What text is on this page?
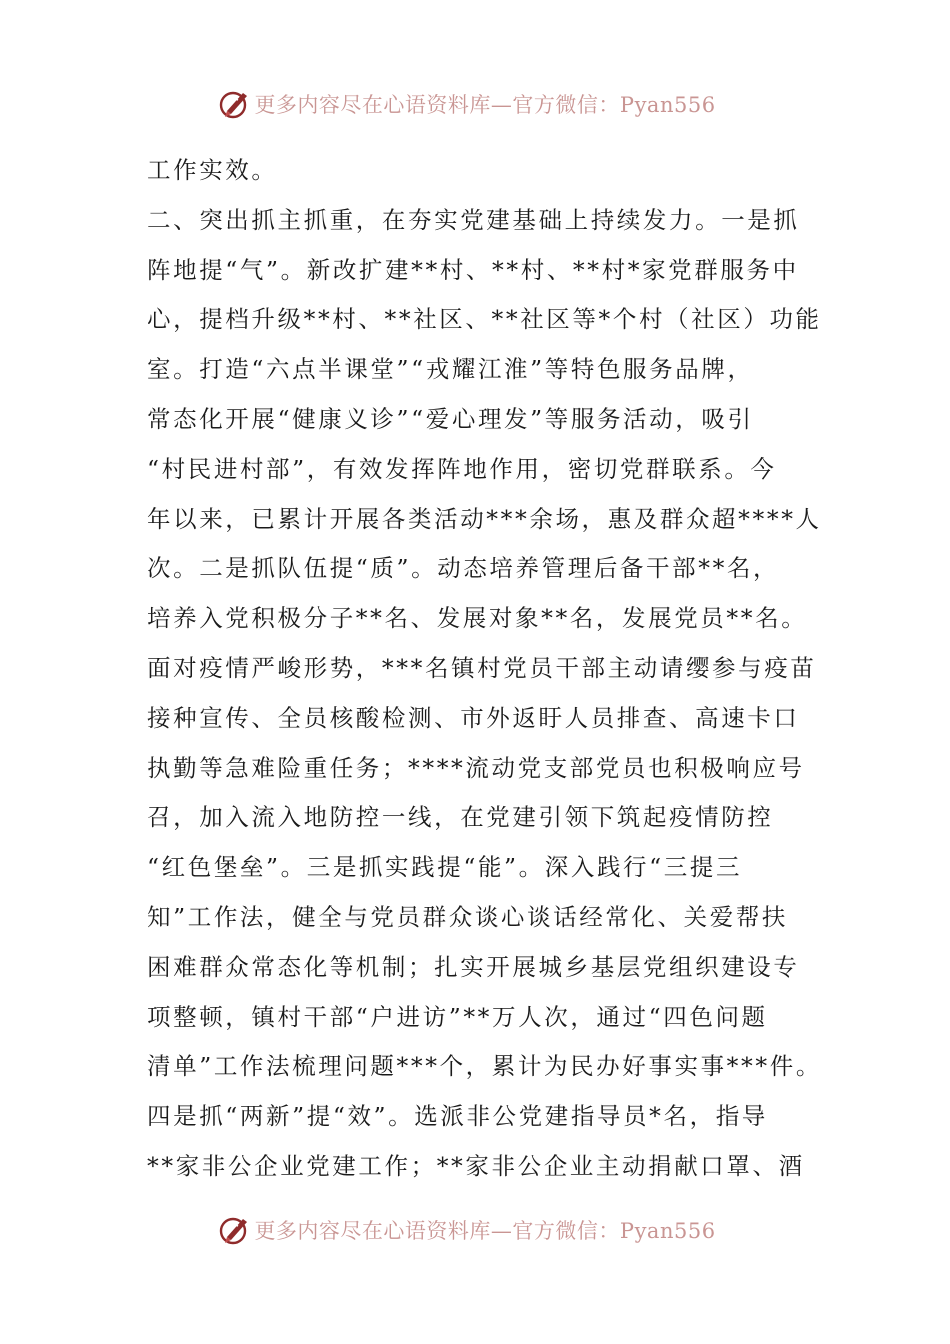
更多内容尽在心语资料库—官方微信：Pyan556
工作实效。
二、突出抓主抓重，在夯实党建基础上持续发力。一是抓
阵地提“气”。新改扩建**村、**村、**村*家党群服务中
心，提档升级**村、**社区、**社区等*个村（社区）功能
室。打造“六点半课堂”“戎耀江淮”等特色服务品牌，
常态化开展“健康义诊”“爱心理发”等服务活动，吸引
“村民进村部”，有效发挥阵地作用，密切党群联系。今
年以来，已累计开展各类活动***余场，惠及群众超****人
次。二是抓队伍提“质”。动态培养管理后备干部**名，
培养入党积极分子**名、发展对象**名，发展党员**名。
面对疫情严峻形势，***名镇村党员干部主动请缨参与疫苗
接种宣传、全员核酸检测、市外返盱人员排查、高速卡口
执勤等急难险重任务；****流动党支部党员也积极响应号
召，加入流入地防控一线，在党建引领下筑起疫情防控
“红色堡垒”。三是抓实践提“能”。深入践行“三提三
知”工作法，健全与党员群众谈心谈话经常化、关爱帮扶
困难群众常态化等机制；扎实开展城乡基层党组织建设专
项整顿，镇村干部“户进访”**万人次，通过“四色问题
清单”工作法梳理问题***个，累计为民办好事实事***件。
四是抓“两新”提“效”。选派非公党建指导员*名，指导
**家非公企业党建工作；**家非公企业主动捐献口罩、酒
更多内容尽在心语资料库—官方微信：Pyan556
